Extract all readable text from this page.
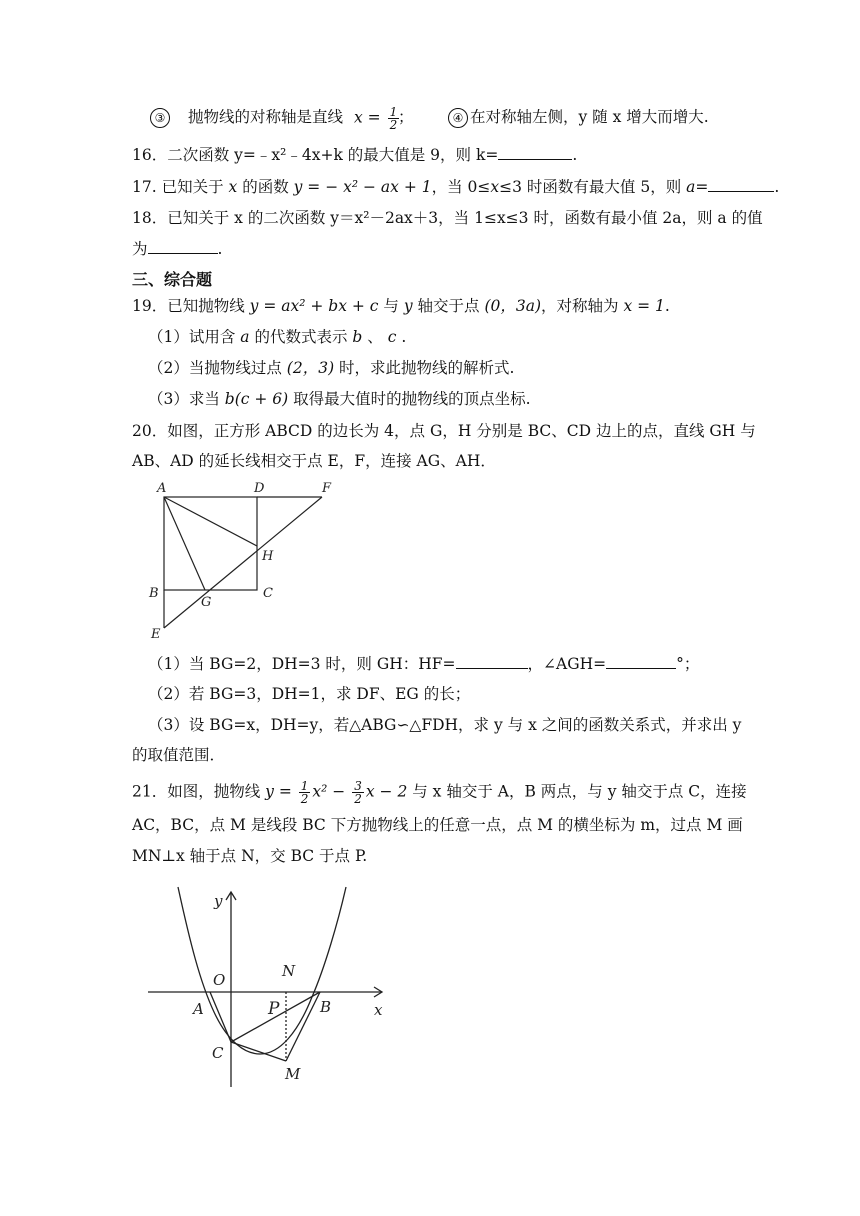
③	抛物线的对称轴是直线 $x = \frac{1}{2}$
；	④ 在对称轴左侧，y 随 x 增大而增大.
16．二次函数 y=﹣x²﹣4x+k 的最大值是 9，则 k=	.
17. 已知关于 x 的函数 y = − x² − ax + 1，当 0≤x≤3 时函数有最大值 5，则 a=	.
18．已知关于 x 的二次函数 y＝x²－2ax＋3，当 1≤x≤3 时，函数有最小值 2a，则 a 的值
为	.
三、综合题
19．已知抛物线 y = ax² + bx + c 与 y 轴交于点 (0，3a)，对称轴为 x = 1.
（1）试用含 a 的代数式表示 b 、 c .
（2）当抛物线过点 (2，3) 时，求此抛物线的解析式.
（3）求当 b(c + 6) 取得最大值时的抛物线的顶点坐标.
20．如图，正方形 ABCD 的边长为 4，点 G，H 分别是 BC、CD 边上的点，直线 GH 与
AB、AD 的延长线相交于点 E，F，连接 AG、AH．
A	D	F
H
B
G
C
E
（1）当 BG=2，DH=3 时，则 GH：HF=	，∠AGH=	°；
（2）若 BG=3，DH=1，求 DF、EG 的长；
（3）设 BG=x，DH=y，若△ABG∽△FDH，求 y 与 x 之间的函数关系式，并求出 y
的取值范围．
21．如图，抛物线 $y = \frac{1}{2} x^2 - \frac{3}{2}$ x − 2 与 x 轴交于 A，B 两点，与 y 轴交于点 C，连接
AC，BC，点 M 是线段 BC 下方抛物线上的任意一点，点 M 的横坐标为 m，过点 M 画
MN⊥x 轴于点 N，交 BC 于点 P.
y
O	N
A	P	B	x
C
M
